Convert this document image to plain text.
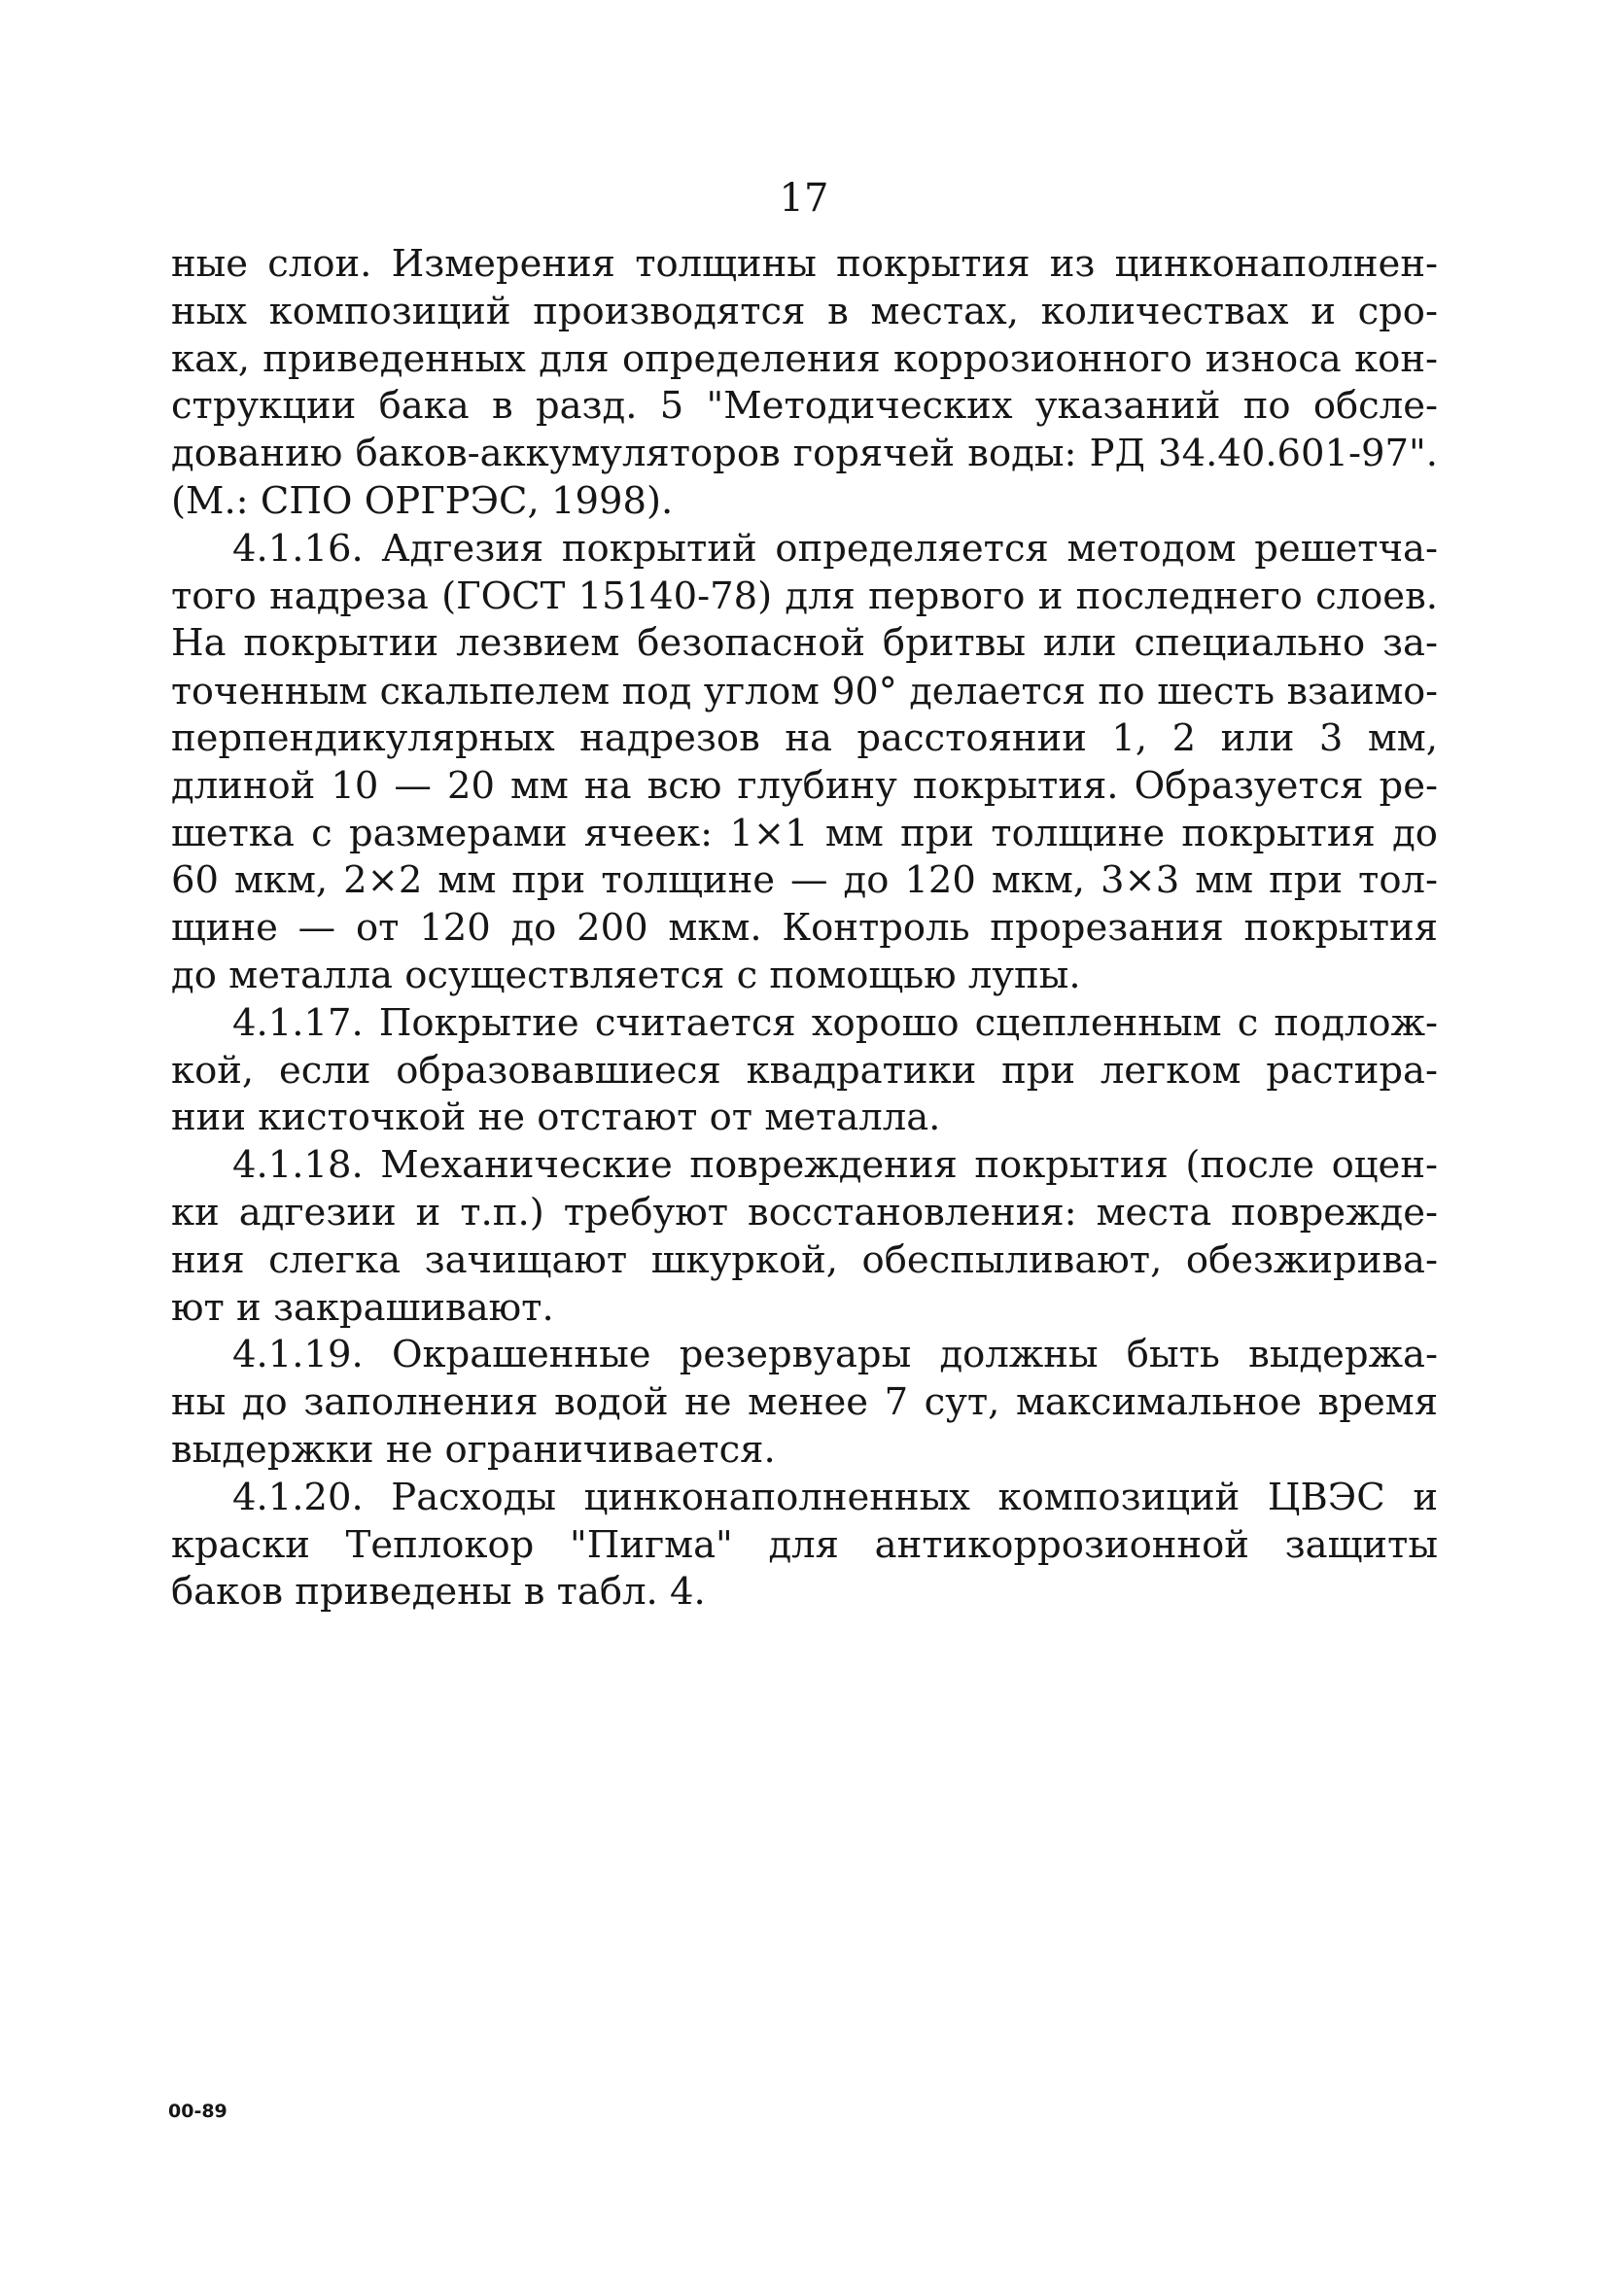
17
ные слои. Измерения толщины покрытия из цинконаполнен-
ных композиций производятся в местах, количествах и сро-
ках, приведенных для определения коррозионного износа кон-
струкции бака в разд. 5 "Методических указаний по обсле-
дованию баков-аккумуляторов горячей воды: РД 34.40.601-97".
(М.: СПО ОРГРЭС, 1998).
4.1.16. Адгезия покрытий определяется методом решетча-
того надреза (ГОСТ 15140-78) для первого и последнего слоев.
На покрытии лезвием безопасной бритвы или специально за-
точенным скальпелем под углом 90° делается по шесть взаимо-
перпендикулярных надрезов на расстоянии 1, 2 или 3 мм,
длиной 10 — 20 мм на всю глубину покрытия. Образуется ре-
шетка с размерами ячеек: 1×1 мм при толщине покрытия до
60 мкм, 2×2 мм при толщине — до 120 мкм, 3×3 мм при тол-
щине — от 120 до 200 мкм. Контроль прорезания покрытия
до металла осуществляется с помощью лупы.
4.1.17. Покрытие считается хорошо сцепленным с подлож-
кой, если образовавшиеся квадратики при легком растира-
нии кисточкой не отстают от металла.
4.1.18. Механические повреждения покрытия (после оцен-
ки адгезии и т.п.) требуют восстановления: места поврежде-
ния слегка зачищают шкуркой, обеспыливают, обезжирива-
ют и закрашивают.
4.1.19. Окрашенные резервуары должны быть выдержа-
ны до заполнения водой не менее 7 сут, максимальное время
выдержки не ограничивается.
4.1.20. Расходы цинконаполненных композиций ЦВЭС и
краски Теплокор "Пигма" для антикоррозионной защиты
баков приведены в табл. 4.
00-89
